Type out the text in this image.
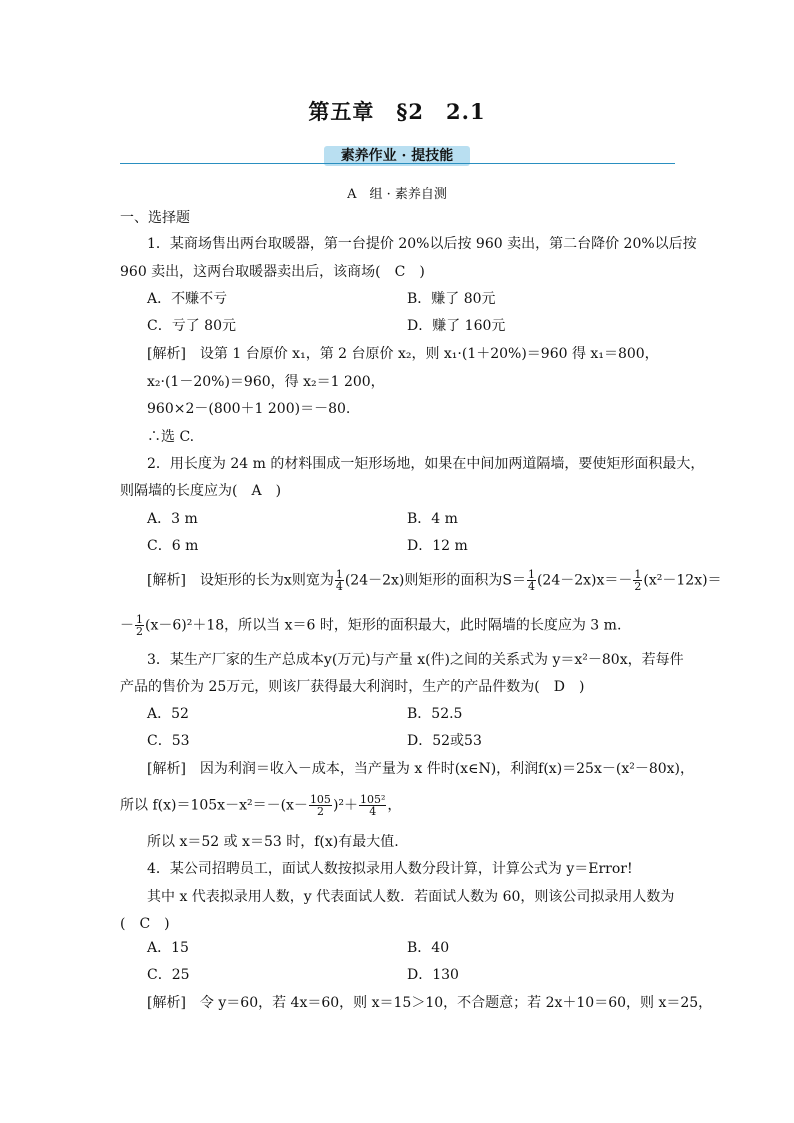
第五章　§2　2.1
素养作业 · 提技能
A　组 · 素养自测
一、选择题
1．某商场售出两台取暖器，第一台提价 20%以后按 960 卖出，第二台降价 20%以后按
960 卖出，这两台取暖器卖出后，该商场(　C　)
A．不赚不亏	B．赚了 80元
C．亏了 80元	D．赚了 160元
[解析]　设第 1 台原价 x₁，第 2 台原价 x₂，则 x₁·(1＋20%)＝960 得 x₁＝800，
x₂·(1－20%)＝960，得 x₂＝1 200，
960×2－(800＋1 200)＝－80.
∴选 C.
2．用长度为 24 m 的材料围成一矩形场地，如果在中间加两道隔墙，要使矩形面积最大，
则隔墙的长度应为(　A　)
A．3 m	B．4 m
C．6 m	D．12 m
[解析]　设矩形的长为x则宽为 $\frac{1}{4} (24-2x)$则矩形的面积为$S= \frac{1}{4} (24-2x)x=- \frac{1}{2} (x^2-12x)=$
－ $\frac{1}{2} (x-6)^2+18$，所以当 x＝6 时，矩形的面积最大，此时隔墙的长度应为 3 m.
3．某生产厂家的生产总成本y(万元)与产量 x(件)之间的关系式为 y＝x²－80x，若每件
产品的售价为 25万元，则该厂获得最大利润时，生产的产品件数为(　D　)
A．52	B．52.5
C．53	D．52或53
[解析]　因为利润＝收入－成本，当产量为 x 件时(x∈N)，利润f(x)＝25x－(x²－80x)，
所以 $f(x)=105x-x^2=-(x- \frac{105}{2} )^2+ \frac{\text{105²}}{4}$ ，
所以 x＝52 或 x＝53 时，f(x)有最大值.
4．某公司招聘员工，面试人数按拟录用人数分段计算，计算公式为 y＝Error!
其中 x 代表拟录用人数，y 代表面试人数．若面试人数为 60，则该公司拟录用人数为
(　C　)
A．15	B．40
C．25	D．130
[解析]　令 y＝60，若 4x＝60，则 x＝15＞10，不合题意；若 2x＋10＝60，则 x＝25，
